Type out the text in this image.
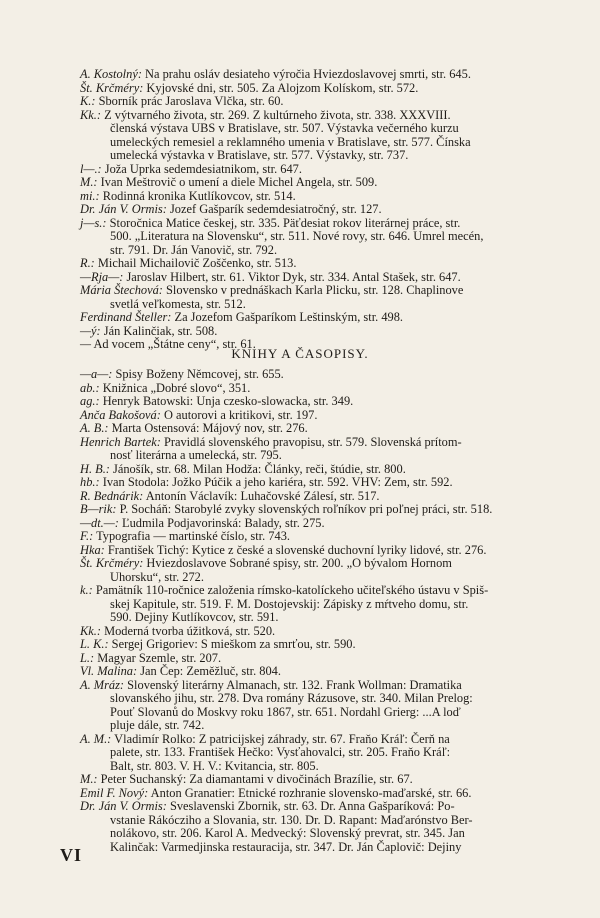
A. Kostolný: Na prahu osláv desiateho výročia Hviezdoslavovej smrti, str. 645.

Št. Krčméry: Kyjovské dni, str. 505. Za Alojzom Kolískom, str. 572.

K.: Sborník prác Jaroslava Vlčka, str. 60.

Kk.: Z výtvarného života, str. 269. Z kultúrneho života, str. 338. XXXVIII.
členská výstava UBS v Bratislave, str. 507. Výstavka večerného kurzu
umeleckých remesiel a reklamného umenia v Bratislave, str. 577. Čínska
umelecká výstavka v Bratislave, str. 577. Výstavky, str. 737.

l—.: Joža Uprka sedemdesiatnikom, str. 647.

M.: Ivan Meštrovič o umení a diele Michel Angela, str. 509.

mi.: Rodinná kronika Kutlíkovcov, str. 514.

Dr. Ján V. Ormis: Jozef Gašparík sedemdesiatročný, str. 127.

j—s.: Storočnica Matice českej, str. 335. Päťdesiat rokov literárnej práce, str.
500. „Literatura na Slovensku“, str. 511. Nové rovy, str. 646. Umrel mecén,
str. 791. Dr. Ján Vanovič, str. 792.

R.: Michail Michailovič Zoščenko, str. 513.

—Rja—: Jaroslav Hilbert, str. 61. Viktor Dyk, str. 334. Antal Stašek, str. 647.

Mária Štechová: Slovensko v prednáškach Karla Plicku, str. 128. Chaplinove
svetlá veľkomesta, str. 512.

Ferdinand Šteller: Za Jozefom Gašparíkom Leštinským, str. 498.

—ý: Ján Kalinčiak, str. 508.

— Ad vocem „Štátne ceny“, str. 61.

KNIHY A ČASOPISY.

—a—: Spisy Boženy Němcovej, str. 655.

ab.: Knižnica „Dobré slovo“, 351.

ag.: Henryk Batowski: Unja czesko-slowacka, str. 349.

Anča Bakošová: O autorovi a kritikovi, str. 197.

A. B.: Marta Ostensová: Májový nov, str. 276.

Henrich Bartek: Pravidlá slovenského pravopisu, str. 579. Slovenská prítom-
nosť literárna a umelecká, str. 795.

H. B.: Jánošík, str. 68. Milan Hodža: Články, reči, štúdie, str. 800.

hb.: Ivan Stodola: Jožko Púčik a jeho kariéra, str. 592. VHV: Zem, str. 592.

R. Bednárik: Antonín Václavík: Luhačovské Zálesí, str. 517.

B—rik: P. Socháň: Starobylé zvyky slovenských roľníkov pri poľnej práci, str. 518.

—dt.—: Ľudmila Podjavorinská: Balady, str. 275.

F.: Typografia — martinské číslo, str. 743.

Hka: František Tichý: Kytice z české a slovenské duchovní lyriky lidové, str. 276.

Št. Krčméry: Hviezdoslavove Sobrané spisy, str. 200. „O bývalom Hornom
Uhorsku“, str. 272.

k.: Pamätník 110-ročnice založenia rímsko-katolíckeho učiteľského ústavu v Spiš-
skej Kapitule, str. 519. F. M. Dostojevskij: Zápisky z mŕtveho domu, str.
590. Dejiny Kutlíkovcov, str. 591.

Kk.: Moderná tvorba úžitková, str. 520.

L. K.: Sergej Grigoriev: S mieškom za smrťou, str. 590.

L.: Magyar Szemle, str. 207.

Vl. Malina: Jan Čep: Zeměžluč, str. 804.

A. Mráz: Slovenský literárny Almanach, str. 132. Frank Wollman: Dramatika
slovanského jihu, str. 278. Dva romány Rázusove, str. 340. Milan Prelog:
Pouť Slovanů do Moskvy roku 1867, str. 651. Nordahl Grierg: ...A loď
pluje dále, str. 742.

A. M.: Vladimír Rolko: Z patricijskej záhrady, str. 67. Fraňo Kráľ: Čerň na
palete, str. 133. František Hečko: Vysťahovalci, str. 205. Fraňo Kráľ:
Balt, str. 803. V. H. V.: Kvitancia, str. 805.

M.: Peter Suchanský: Za diamantami v divočinách Brazílie, str. 67.

Emil F. Nový: Anton Granatier: Etnické rozhranie slovensko-maďarské, str. 66.

Dr. Ján V. Ormis: Sveslavenski Zbornik, str. 63. Dr. Anna Gašparíková: Po-
vstanie Rákócziho a Slovania, str. 130. Dr. D. Rapant: Maďarónstvo Ber-
nolákovo, str. 206. Karol A. Medvecký: Slovenský prevrat, str. 345. Jan
Kalinčak: Varmedjinska restauracija, str. 347. Dr. Ján Čaplovič: Dejiny

VI
